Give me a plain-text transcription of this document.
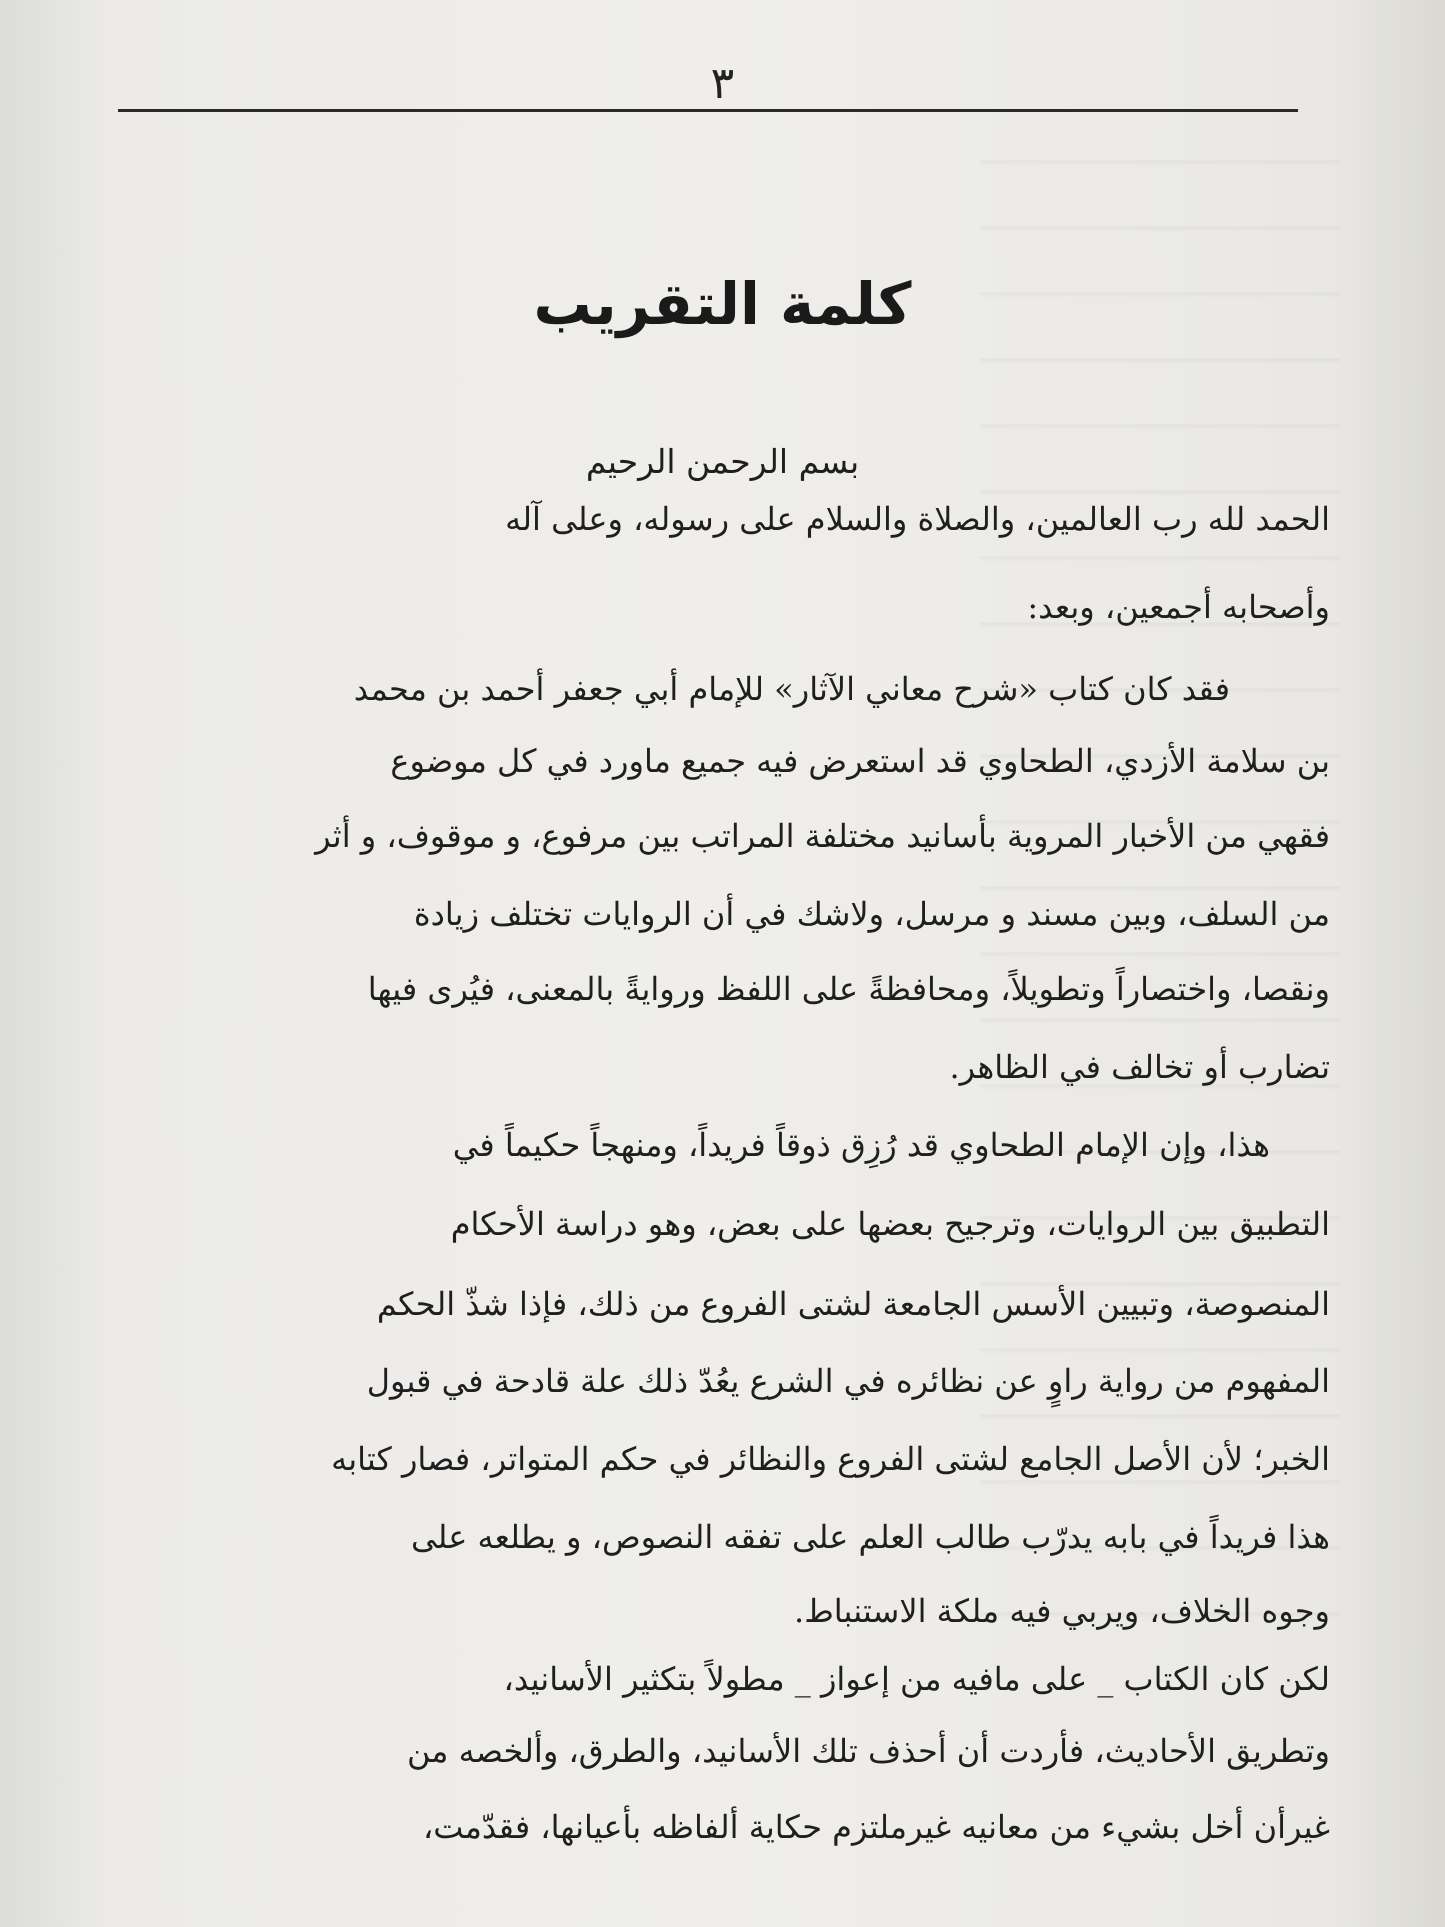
٣
كلمة التقريب
بسم الرحمن الرحيم
الحمد لله رب العالمين، والصلاة والسلام على رسوله، وعلى آله
وأصحابه أجمعين، وبعد:
فقد كان كتاب «شرح معاني الآثار» للإمام أبي جعفر أحمد بن محمد
بن سلامة الأزدي، الطحاوي قد استعرض فيه جميع ماورد في كل موضوع
فقهي من الأخبار المروية بأسانيد مختلفة المراتب بين مرفوع، و موقوف، و أثر
من السلف، وبين مسند و مرسل، ولاشك في أن الروايات تختلف زيادة
ونقصا، واختصاراً وتطويلاً، ومحافظةً على اللفظ وروايةً بالمعنى، فيُرى فيها
تضارب أو تخالف في الظاهر.
هذا، وإن الإمام الطحاوي قد رُزِق ذوقاً فريداً، ومنهجاً حكيماً في
التطبيق بين الروايات، وترجيح بعضها على بعض، وهو دراسة الأحكام
المنصوصة، وتبيين الأسس الجامعة لشتى الفروع من ذلك، فإذا شذّ الحكم
المفهوم من رواية راوٍ عن نظائره في الشرع يعُدّ ذلك علة قادحة في قبول
الخبر؛ لأن الأصل الجامع لشتى الفروع والنظائر في حكم المتواتر، فصار كتابه
هذا فريداً في بابه يدرّب طالب العلم على تفقه النصوص، و يطلعه على
وجوه الخلاف، ويربي فيه ملكة الاستنباط.
لكن كان الكتاب _ على مافيه من إعواز _ مطولاً بتكثير الأسانيد،
وتطريق الأحاديث، فأردت أن أحذف تلك الأسانيد، والطرق، وألخصه من
غيرأن أخل بشيء من معانيه غيرملتزم حكاية ألفاظه بأعيانها، فقدّمت،
